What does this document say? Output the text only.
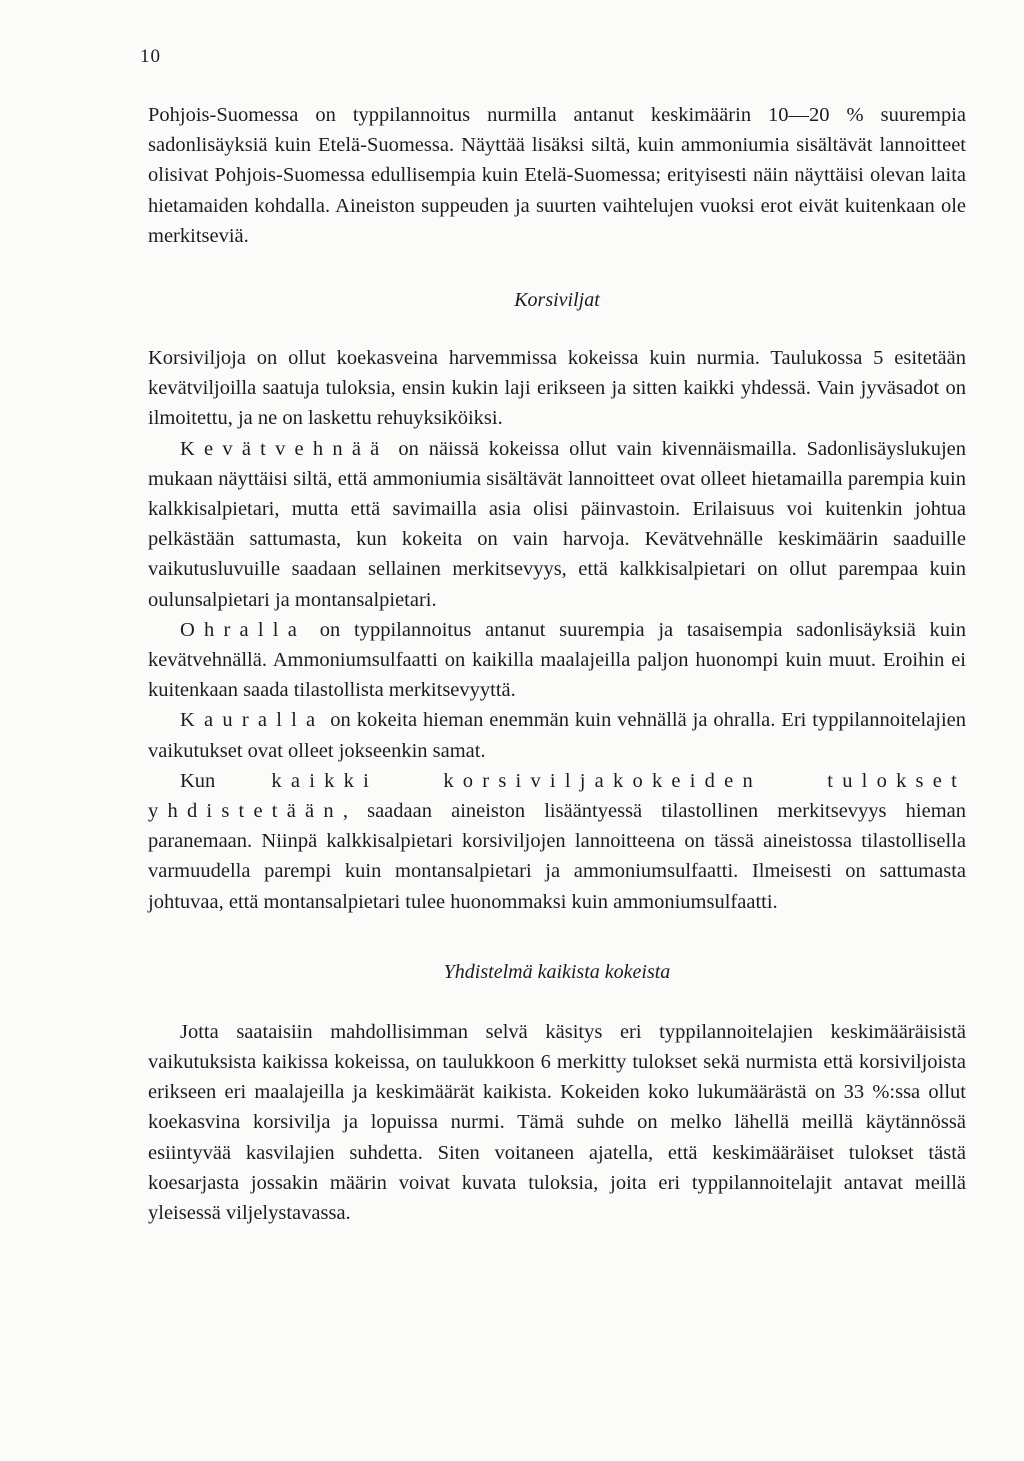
10

Pohjois-Suomessa on typpilannoitus nurmilla antanut keskimäärin 10—20 % suurempia sadonlisäyksiä kuin Etelä-Suomessa. Näyttää lisäksi siltä, kuin ammoniumia sisältävät lannoitteet olisivat Pohjois-Suomessa edullisempia kuin Etelä-Suomessa; erityisesti näin näyttäisi olevan laita hietamaiden kohdalla. Aineiston suppeuden ja suurten vaihtelujen vuoksi erot eivät kuitenkaan ole merkitseviä.

Korsiviljat

Korsiviljoja on ollut koekasveina harvemmissa kokeissa kuin nurmia. Taulukossa 5 esitetään kevätviljoilla saatuja tuloksia, ensin kukin laji erikseen ja sitten kaikki yhdessä. Vain jyväsadot on ilmoitettu, ja ne on laskettu rehuyksiköiksi.

Kevätvehnää on näissä kokeissa ollut vain kivennäismailla. Sadonlisäyslukujen mukaan näyttäisi siltä, että ammoniumia sisältävät lannoitteet ovat olleet hietamailla parempia kuin kalkkisalpietari, mutta että savimailla asia olisi päinvastoin. Erilaisuus voi kuitenkin johtua pelkästään sattumasta, kun kokeita on vain harvoja. Kevätvehnälle keskimäärin saaduille vaikutusluvuille saadaan sellainen merkitsevyys, että kalkkisalpietari on ollut parempaa kuin oulunsalpietari ja montansalpietari.

Ohralla on typpilannoitus antanut suurempia ja tasaisempia sadonlisäyksiä kuin kevätvehnällä. Ammoniumsulfaatti on kaikilla maalajeilla paljon huonompi kuin muut. Eroihin ei kuitenkaan saada tilastollista merkitsevyyttä.

Kauralla on kokeita hieman enemmän kuin vehnällä ja ohralla. Eri typpilannoitelajien vaikutukset ovat olleet jokseenkin samat.

Kun kaikki korsiviljakokeiden tulokset yhdistetään, saadaan aineiston lisääntyessä tilastollinen merkitsevyys hieman paranemaan. Niinpä kalkkisalpietari korsiviljojen lannoitteena on tässä aineistossa tilastollisella varmuudella parempi kuin montansalpietari ja ammoniumsulfaatti. Ilmeisesti on sattumasta johtuvaa, että montansalpietari tulee huonommaksi kuin ammoniumsulfaatti.

Yhdistelmä kaikista kokeista

Jotta saataisiin mahdollisimman selvä käsitys eri typpilannoitelajien keskimääräisistä vaikutuksista kaikissa kokeissa, on taulukkoon 6 merkitty tulokset sekä nurmista että korsiviljoista erikseen eri maalajeilla ja keskimäärät kaikista. Kokeiden koko lukumäärästä on 33 %:ssa ollut koekasvina korsivilja ja lopuissa nurmi. Tämä suhde on melko lähellä meillä käytännössä esiintyvää kasvilajien suhdetta. Siten voitaneen ajatella, että keskimääräiset tulokset tästä koesarjasta jossakin määrin voivat kuvata tuloksia, joita eri typpilannoitelajit antavat meillä yleisessä viljelystavassa.
